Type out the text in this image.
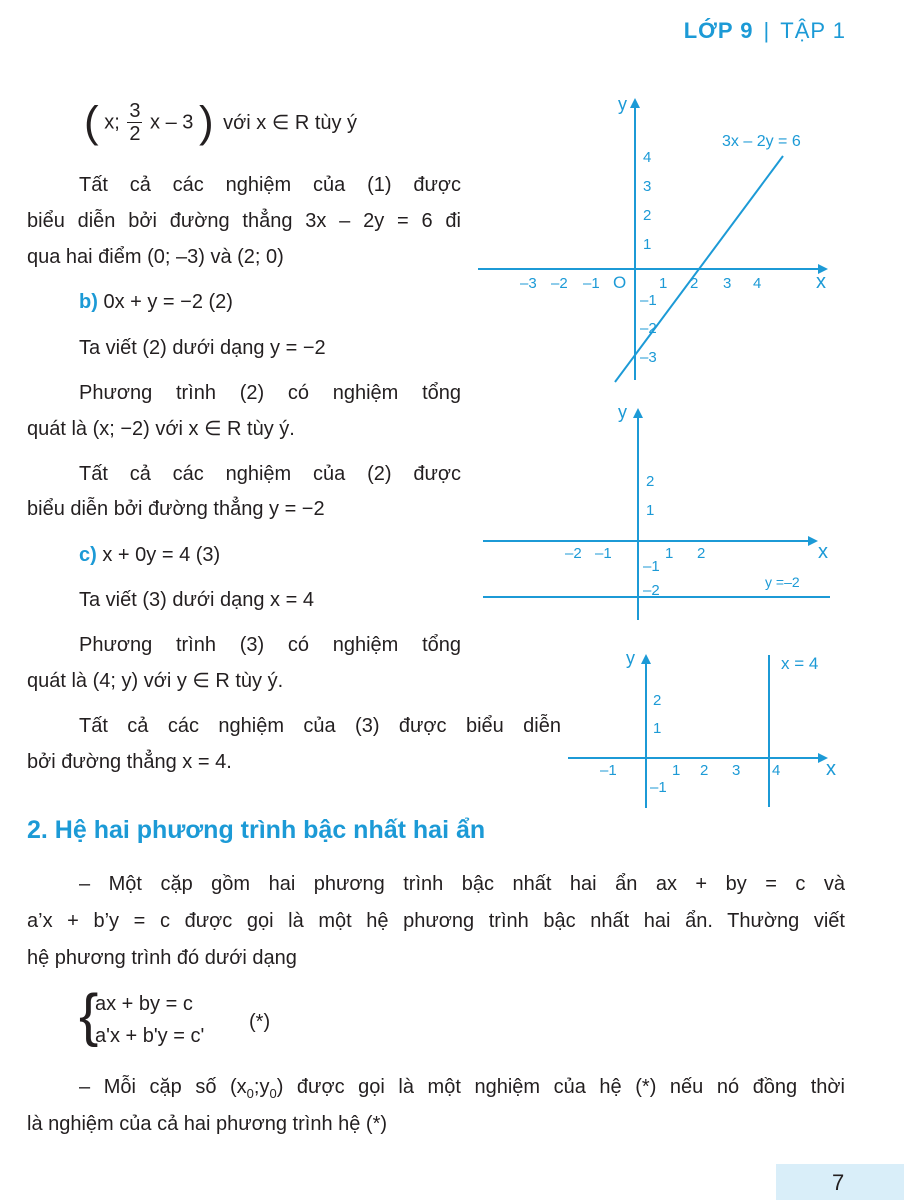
LỚP 9 | TẬP 1
( x; $\frac{3}{2}$ x – 3 ) với x ∈ R tùy ý
Tất cả các nghiệm của (1) được
biểu diễn bởi đường thẳng 3x – 2y = 6 đi
qua hai điểm (0; –3) và (2; 0)
b) 0x + y = −2 (2)
Ta viết (2) dưới dạng y = −2
Phương trình (2) có nghiệm tổng
quát là (x; −2) với x ∈ R tùy ý.
Tất cả các nghiệm của (2) được
biểu diễn bởi đường thẳng y = −2
c) x + 0y = 4 (3)
Ta viết (3) dưới dạng x = 4
Phương trình (3) có nghiệm tổng
quát là (4; y) với y ∈ R tùy ý.
Tất cả các nghiệm của (3) được biểu diễn
bởi đường thẳng x = 4.
y
x
O
3x – 2y = 6
–3 –2 –1	1 2 3 4
1
2
3
4
–1
–2
–3
y
x
y =–2
–2 –1	1 2
2
1
–1
–2
y
x
x = 4
–1	1 2 3 4
2
1
–1
2. Hệ hai phương trình bậc nhất hai ẩn
– Một cặp gồm hai phương trình bậc nhất hai ẩn ax + by = c và
a’x + b’y = c được gọi là một hệ phương trình bậc nhất hai ẩn. Thường viết
hệ phương trình đó dưới dạng
{
ax + by = c
a'x + b'y = c'
(*)
– Mỗi cặp số $(x_0;y_0)$ được gọi là một nghiệm của hệ (*) nếu nó đồng thời
là nghiệm của cả hai phương trình hệ (*)
7
